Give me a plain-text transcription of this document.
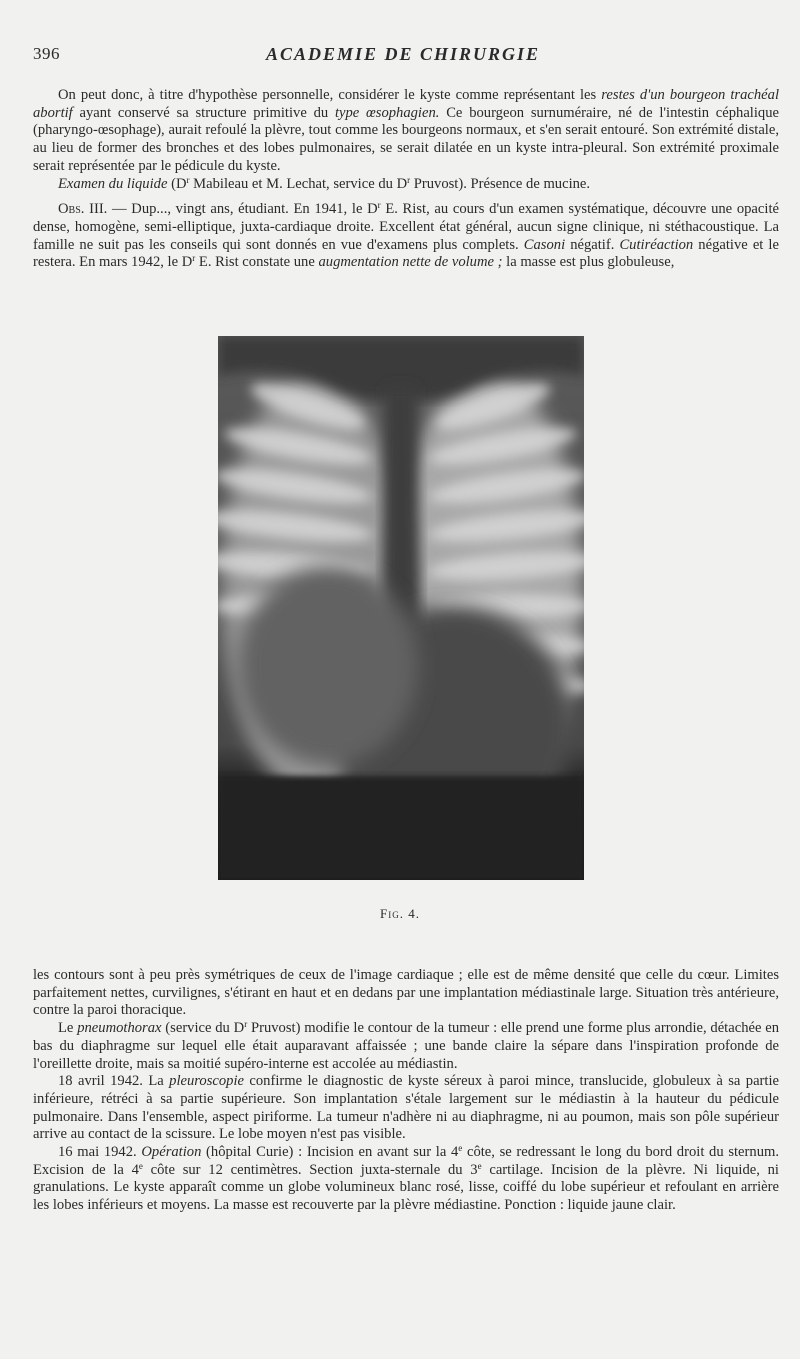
396	ACADEMIE DE CHIRURGIE

On peut donc, à titre d'hypothèse personnelle, considérer le kyste comme représentant les restes d'un bourgeon trachéal abortif ayant conservé sa structure primitive du type œsophagien. Ce bourgeon surnuméraire, né de l'intestin céphalique (pharyngo-œsophage), aurait refoulé la plèvre, tout comme les bourgeons normaux, et s'en serait entouré. Son extrémité distale, au lieu de former des bronches et des lobes pulmonaires, se serait dilatée en un kyste intra-pleural. Son extrémité proximale serait représentée par le pédicule du kyste.

Examen du liquide ($D^r$ Mabileau et M. Lechat, service du $D^r$ Pruvost). Présence de mucine.

Obs. III. — Dup..., vingt ans, étudiant. En 1941, le $D^r$ E. Rist, au cours d'un examen systématique, découvre une opacité dense, homogène, semi-elliptique, juxta-cardiaque droite. Excellent état général, aucun signe clinique, ni stéthacoustique. La famille ne suit pas les conseils qui sont donnés en vue d'examens plus complets. Casoni négatif. Cutiréaction négative et le restera. En mars 1942, le $D^r$ E. Rist constate une augmentation nette de volume ; la masse est plus globuleuse,

Fig. 4.

les contours sont à peu près symétriques de ceux de l'image cardiaque ; elle est de même densité que celle du cœur. Limites parfaitement nettes, curvilignes, s'étirant en haut et en dedans par une implantation médiastinale large. Situation très antérieure, contre la paroi thoracique.

Le pneumothorax (service du $D^r$ Pruvost) modifie le contour de la tumeur : elle prend une forme plus arrondie, détachée en bas du diaphragme sur lequel elle était auparavant affaissée ; une bande claire la sépare dans l'inspiration profonde de l'oreillette droite, mais sa moitié supéro-interne est accolée au médiastin.

18 avril 1942. La pleuroscopie confirme le diagnostic de kyste séreux à paroi mince, translucide, globuleux à sa partie inférieure, rétréci à sa partie supérieure. Son implantation s'étale largement sur le médiastin à la hauteur du pédicule pulmonaire. Dans l'ensemble, aspect piriforme. La tumeur n'adhère ni au diaphragme, ni au poumon, mais son pôle supérieur arrive au contact de la scissure. Le lobe moyen n'est pas visible.

16 mai 1942. Opération (hôpital Curie) : Incision en avant sur la 4e côte, se redressant le long du bord droit du sternum. Excision de la 4e côte sur 12 centimètres. Section juxta-sternale du 3e cartilage. Incision de la plèvre. Ni liquide, ni granulations. Le kyste apparaît comme un globe volumineux blanc rosé, lisse, coiffé du lobe supérieur et refoulant en arrière les lobes inférieurs et moyens. La masse est recouverte par la plèvre médiastine. Ponction : liquide jaune clair.
